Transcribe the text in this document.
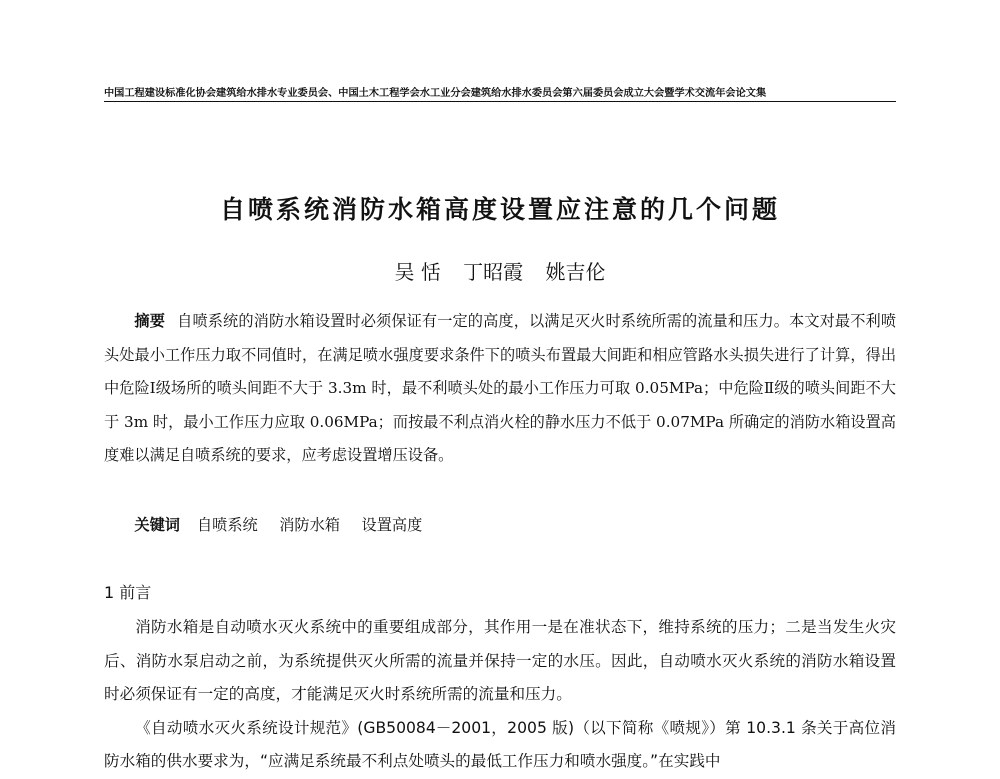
中国工程建设标准化协会建筑给水排水专业委员会、中国土木工程学会水工业分会建筑给水排水委员会第六届委员会成立大会暨学术交流年会论文集
自喷系统消防水箱高度设置应注意的几个问题
吴 恬 丁昭霞 姚吉伦
摘要 自喷系统的消防水箱设置时必须保证有一定的高度，以满足灭火时系统所需的流量和压力。本文对最不利喷头处最小工作压力取不同值时，在满足喷水强度要求条件下的喷头布置最大间距和相应管路水头损失进行了计算，得出中危险Ⅰ级场所的喷头间距不大于 3.3m 时，最不利喷头处的最小工作压力可取 0.05MPa；中危险Ⅱ级的喷头间距不大于 3m 时，最小工作压力应取 0.06MPa；而按最不利点消火栓的静水压力不低于 0.07MPa 所确定的消防水箱设置高度难以满足自喷系统的要求，应考虑设置增压设备。
关键词 自喷系统 消防水箱 设置高度
1 前言

消防水箱是自动喷水灭火系统中的重要组成部分，其作用一是在准状态下，维持系统的压力；二是当发生火灾后、消防水泵启动之前，为系统提供灭火所需的流量并保持一定的水压。因此，自动喷水灭火系统的消防水箱设置时必须保证有一定的高度，才能满足灭火时系统所需的流量和压力。

《自动喷水灭火系统设计规范》(GB50084－2001，2005 版)（以下简称《喷规》）第 10.3.1 条关于高位消防水箱的供水要求为，“应满足系统最不利点处喷头的最低工作压力和喷水强度。”在实践中
